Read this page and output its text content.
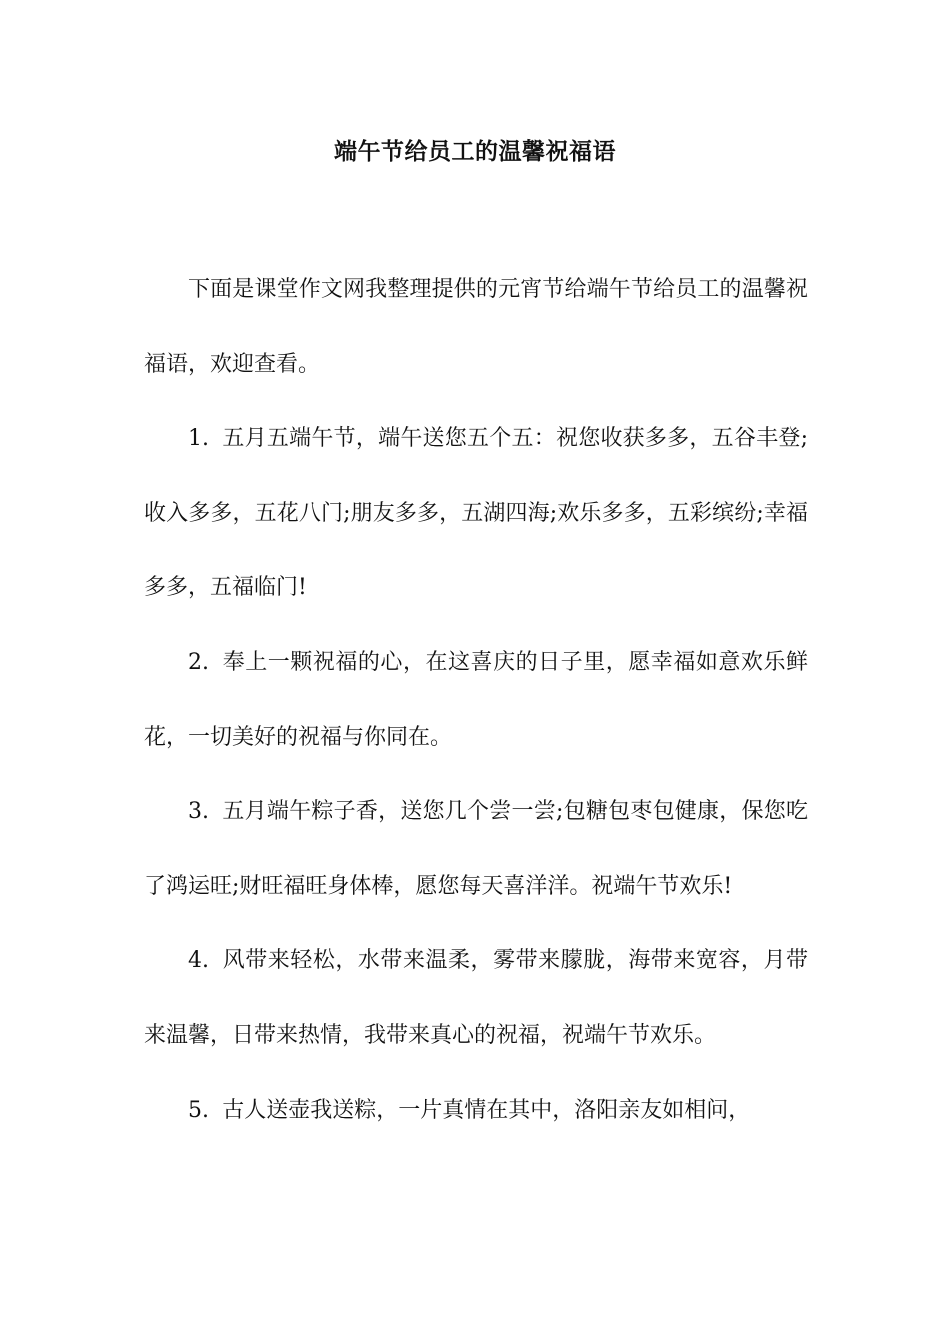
端午节给员工的温馨祝福语

下面是课堂作文网我整理提供的元宵节给端午节给员工的温馨祝福语，欢迎查看。

1. 五月五端午节，端午送您五个五：祝您收获多多，五谷丰登;收入多多，五花八门;朋友多多，五湖四海;欢乐多多，五彩缤纷;幸福多多，五福临门!

2. 奉上一颗祝福的心，在这喜庆的日子里，愿幸福如意欢乐鲜花，一切美好的祝福与你同在。

3. 五月端午粽子香，送您几个尝一尝;包糖包枣包健康，保您吃了鸿运旺;财旺福旺身体棒，愿您每天喜洋洋。祝端午节欢乐!

4. 风带来轻松，水带来温柔，雾带来朦胧，海带来宽容，月带来温馨，日带来热情，我带来真心的祝福，祝端午节欢乐。

5. 古人送壶我送粽，一片真情在其中，洛阳亲友如相问，
